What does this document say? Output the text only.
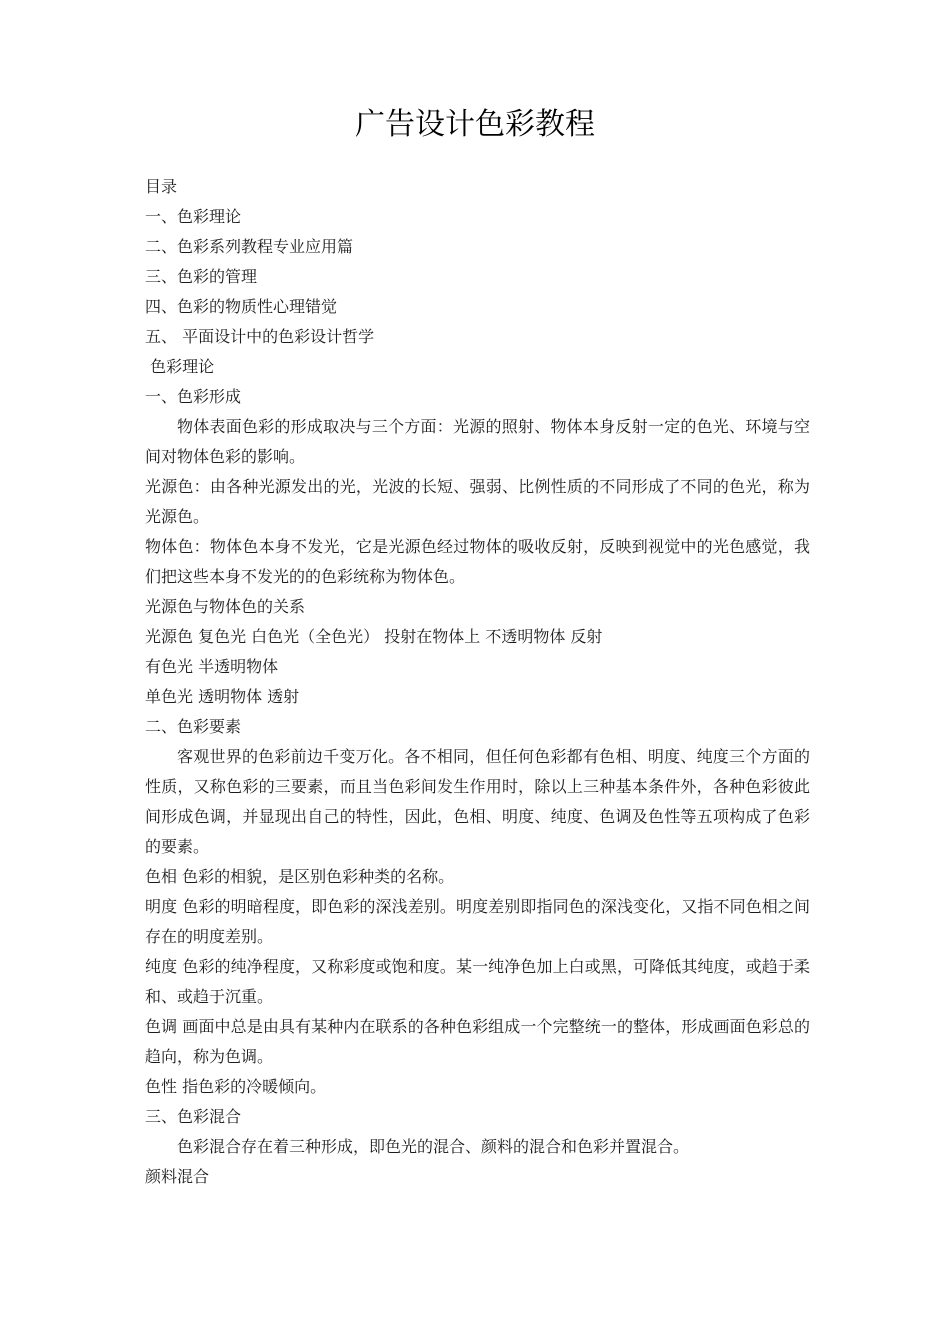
广告设计色彩教程

目录

一、色彩理论

二、色彩系列教程专业应用篇

三、色彩的管理

四、色彩的物质性心理错觉

五、 平面设计中的色彩设计哲学

色彩理论

一、色彩形成

物体表面色彩的形成取决与三个方面：光源的照射、物体本身反射一定的色光、环境与空间对物体色彩的影响。

光源色：由各种光源发出的光，光波的长短、强弱、比例性质的不同形成了不同的色光，称为光源色。

物体色：物体色本身不发光，它是光源色经过物体的吸收反射，反映到视觉中的光色感觉，我们把这些本身不发光的的色彩统称为物体色。

光源色与物体色的关系

光源色 复色光 白色光（全色光） 投射在物体上 不透明物体 反射

有色光 半透明物体

单色光 透明物体 透射

二、色彩要素

客观世界的色彩前边千变万化。各不相同，但任何色彩都有色相、明度、纯度三个方面的性质，又称色彩的三要素，而且当色彩间发生作用时，除以上三种基本条件外，各种色彩彼此间形成色调，并显现出自己的特性，因此，色相、明度、纯度、色调及色性等五项构成了色彩的要素。

色相 色彩的相貌，是区别色彩种类的名称。

明度 色彩的明暗程度，即色彩的深浅差别。明度差别即指同色的深浅变化，又指不同色相之间存在的明度差别。

纯度 色彩的纯净程度，又称彩度或饱和度。某一纯净色加上白或黑，可降低其纯度，或趋于柔和、或趋于沉重。

色调 画面中总是由具有某种内在联系的各种色彩组成一个完整统一的整体，形成画面色彩总的趋向，称为色调。

色性 指色彩的冷暖倾向。

三、色彩混合

色彩混合存在着三种形成，即色光的混合、颜料的混合和色彩并置混合。

颜料混合
